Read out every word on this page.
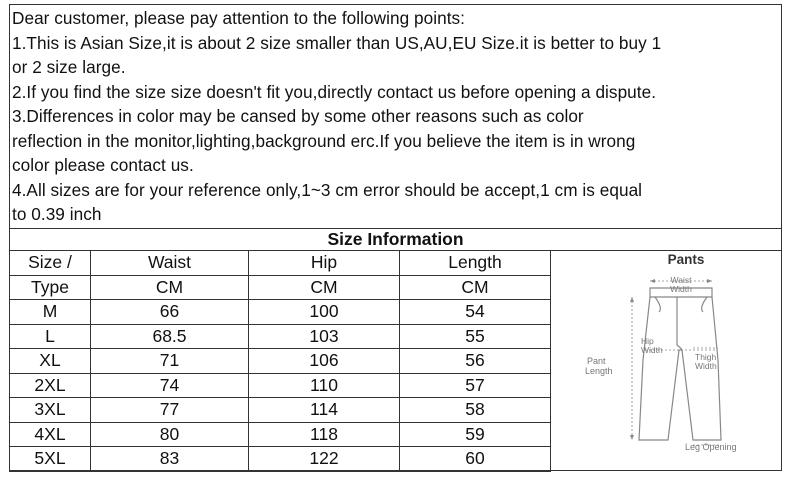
Dear customer, please pay attention to the following points:
1.This is Asian Size,it is about 2 size smaller than US,AU,EU Size.it is better to buy 1
or 2 size large.
2.If you find the size size doesn't fit you,directly contact us before opening a dispute.
3.Differences in color may be cansed by some other reasons such as color
reflection in the monitor,lighting,background erc.If you believe the item is in wrong
color please contact us.
4.All sizes are for your reference only,1~3 cm error should be accept,1 cm is equal
to 0.39 inch
Size Information
Size /	Waist	Hip	Length
Type	CM	CM	CM
M	66	100	54
L	68.5	103	55
XL	71	106	56
2XL	74	110	57
3XL	77	114	58
4XL	80	118	59
5XL	83	122	60
Pants
Waist
Width
Hip
Width
Pant
Length
Thigh
Width
Leg Opening
